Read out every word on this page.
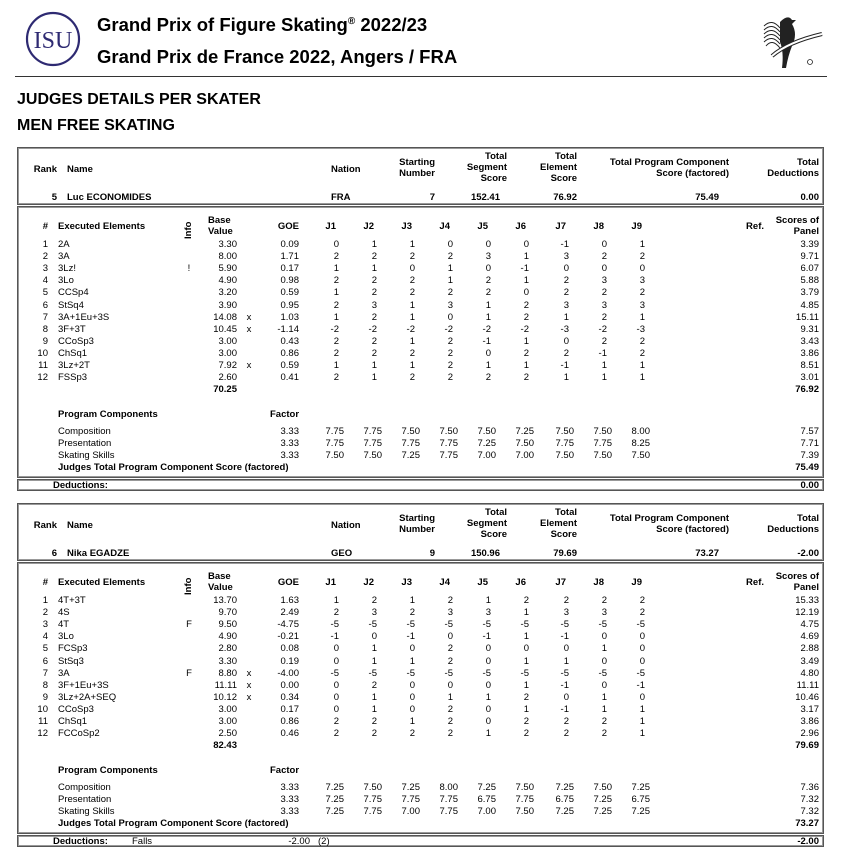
ISU
Grand Prix of Figure Skating® 2022/23
Grand Prix de France 2022, Angers / FRA
JUDGES DETAILS PER SKATER
MEN FREE SKATING
Rank Name	Nation
Starting
Number
Total
Segment
Score
Total
Element
Score
Total Program Component
Score (factored)
Total
Deductions
5 Luc ECONOMIDES	FRA	7	152.41	76.92	75.49	0.00
# Executed Elements	Info
Base
Value	GOE	J1	J2	J3	J4	J5	J6	J7	J8	J9	Ref.
Scores of
Panel
1 2A	3.30	0.09	0	1	1	0	0	0	-1	0	1	3.39
2 3A	8.00	1.71	2	2	2	2	3	1	3	2	2	9.71
3 3Lz!	!	5.90	0.17	1	1	0	1	0	-1	0	0	0	6.07
4 3Lo	4.90	0.98	2	2	2	1	2	1	2	3	3	5.88
5 CCSp4	3.20	0.59	1	2	2	2	2	0	2	2	2	3.79
6 StSq4	3.90	0.95	2	3	1	3	1	2	3	3	3	4.85
7 3A+1Eu+3S	14.08 x	1.03	1	2	1	0	1	2	1	2	1	15.11
8 3F+3T	10.45 x	-1.14	-2	-2	-2	-2	-2	-2	-3	-2	-3	9.31
9 CCoSp3	3.00	0.43	2	2	1	2	-1	1	0	2	2	3.43
10 ChSq1	3.00	0.86	2	2	2	2	0	2	2	-1	2	3.86
11 3Lz+2T	7.92 x	0.59	1	1	1	2	1	1	-1	1	1	8.51
12 FSSp3	2.60	0.41	2	1	2	2	2	2	1	1	1	3.01
70.25	76.92
Program Components	Factor
Composition	3.33	7.75	7.75	7.50	7.50	7.50	7.25	7.50	7.50	8.00	7.57
Presentation	3.33	7.75	7.75	7.75	7.75	7.25	7.50	7.75	7.75	8.25	7.71
Skating Skills	3.33	7.50	7.50	7.25	7.75	7.00	7.00	7.50	7.50	7.50	7.39
Judges Total Program Component Score (factored)	75.49
Deductions:	0.00
Rank Name	Nation
Starting
Number
Total
Segment
Score
Total
Element
Score
Total Program Component
Score (factored)
Total
Deductions
6 Nika EGADZE	GEO	9	150.96	79.69	73.27	-2.00
# Executed Elements	Info
Base
Value	GOE	J1	J2	J3	J4	J5	J6	J7	J8	J9	Ref.
Scores of
Panel
1 4T+3T	13.70	1.63	1	2	1	2	1	2	2	2	2	15.33
2 4S	9.70	2.49	2	3	2	3	3	1	3	3	2	12.19
3 4T	F	9.50	-4.75	-5	-5	-5	-5	-5	-5	-5	-5	-5	4.75
4 3Lo	4.90	-0.21	-1	0	-1	0	-1	1	-1	0	0	4.69
5 FCSp3	2.80	0.08	0	1	0	2	0	0	0	1	0	2.88
6 StSq3	3.30	0.19	0	1	1	2	0	1	1	0	0	3.49
7 3A	F	8.80 x	-4.00	-5	-5	-5	-5	-5	-5	-5	-5	-5	4.80
8 3F+1Eu+3S	11.11 x	0.00	0	2	0	0	0	1	-1	0	-1	11.11
9 3Lz+2A+SEQ	10.12 x	0.34	0	1	0	1	1	2	0	1	0	10.46
10 CCoSp3	3.00	0.17	0	1	0	2	0	1	-1	1	1	3.17
11 ChSq1	3.00	0.86	2	2	1	2	0	2	2	2	1	3.86
12 FCCoSp2	2.50	0.46	2	2	2	2	1	2	2	2	1	2.96
82.43	79.69
Program Components	Factor
Composition	3.33	7.25	7.50	7.25	8.00	7.25	7.50	7.25	7.50	7.25	7.36
Presentation	3.33	7.25	7.75	7.75	7.75	6.75	7.75	6.75	7.25	6.75	7.32
Skating Skills	3.33	7.25	7.75	7.00	7.75	7.00	7.50	7.25	7.25	7.25	7.32
Judges Total Program Component Score (factored)	73.27
Deductions:	Falls	-2.00 (2)	-2.00
